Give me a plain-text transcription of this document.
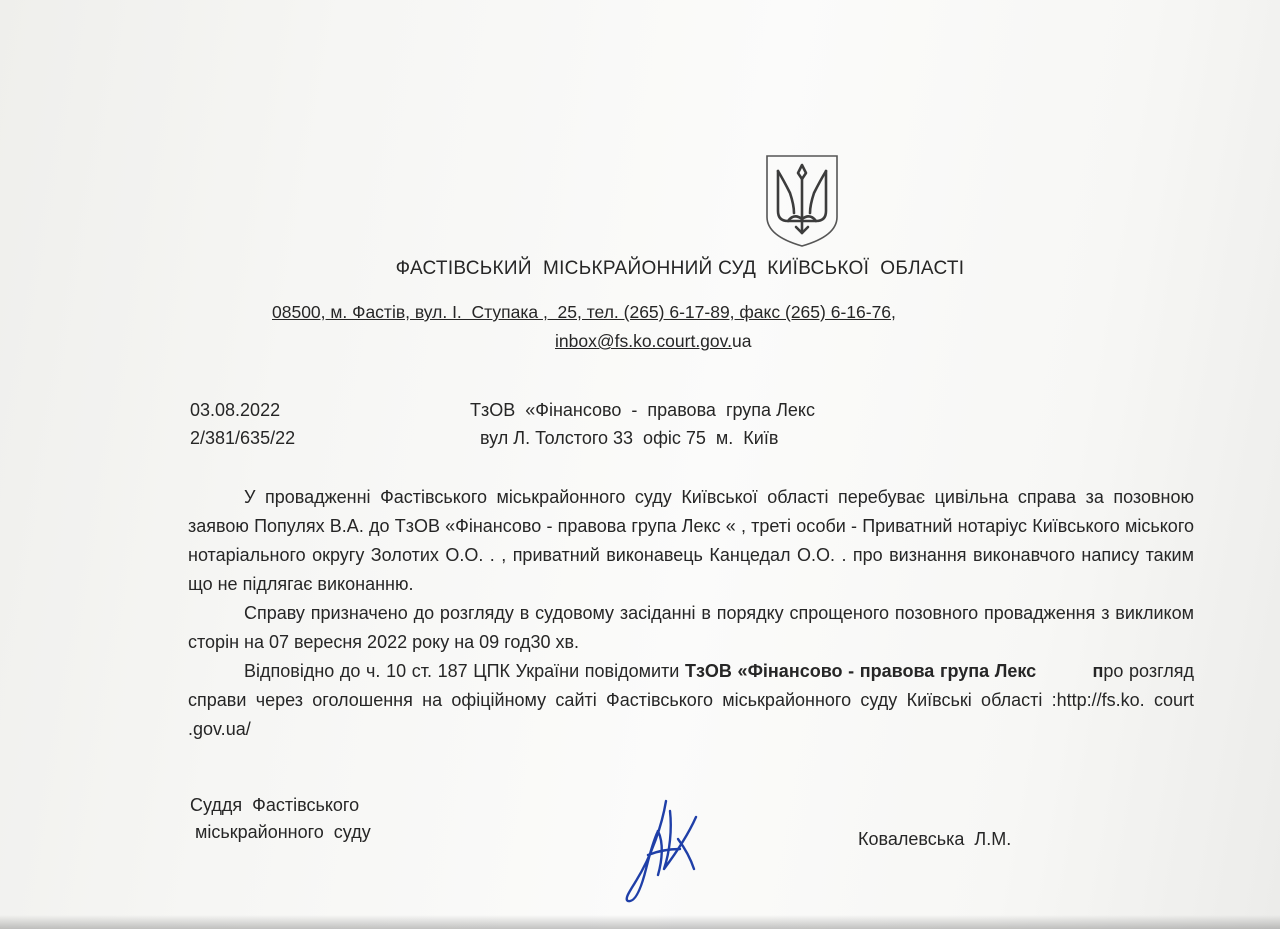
ФАСТІВСЬКИЙ  МІСЬКРАЙОННИЙ СУД  КИЇВСЬКОЇ  ОБЛАСТІ
08500, м. Фастів, вул. І.  Ступака ,  25, тел. (265) 6-17-89, факс (265) 6-16-76,
inbox@fs.ko.court.gov.ua
03.08.2022
2/381/635/22
ТзОВ  «Фінансово  -  правова  група Лекс
вул Л. Толстого 33  офіс 75  м.  Київ

У провадженні Фастівського міськрайонного суду Київської області перебуває цивільна справа за позовною заявою Популях В.А. до ТзОВ «Фінансово - правова група Лекс « , треті особи - Приватний нотаріус Київського міського нотаріального округу Золотих О.О. . , приватний виконавець Канцедал О.О. . про визнання виконавчого напису таким що не підлягає виконанню.

Справу призначено до розгляду в судовому засіданні в порядку спрощеного позовного провадження з викликом сторін на 07 вересня 2022 року на 09 год30 хв.

Відповідно до ч. 10 ст. 187 ЦПК України повідомити ТзОВ «Фінансово - правова група Лекс	про розгляд справи через оголошення на офіційному сайті Фастівського міськрайонного суду Київські області :http://fs.ko. court .gov.ua/

Суддя  Фастівського
міськрайонного  суду	Ковалевська  Л.М.
